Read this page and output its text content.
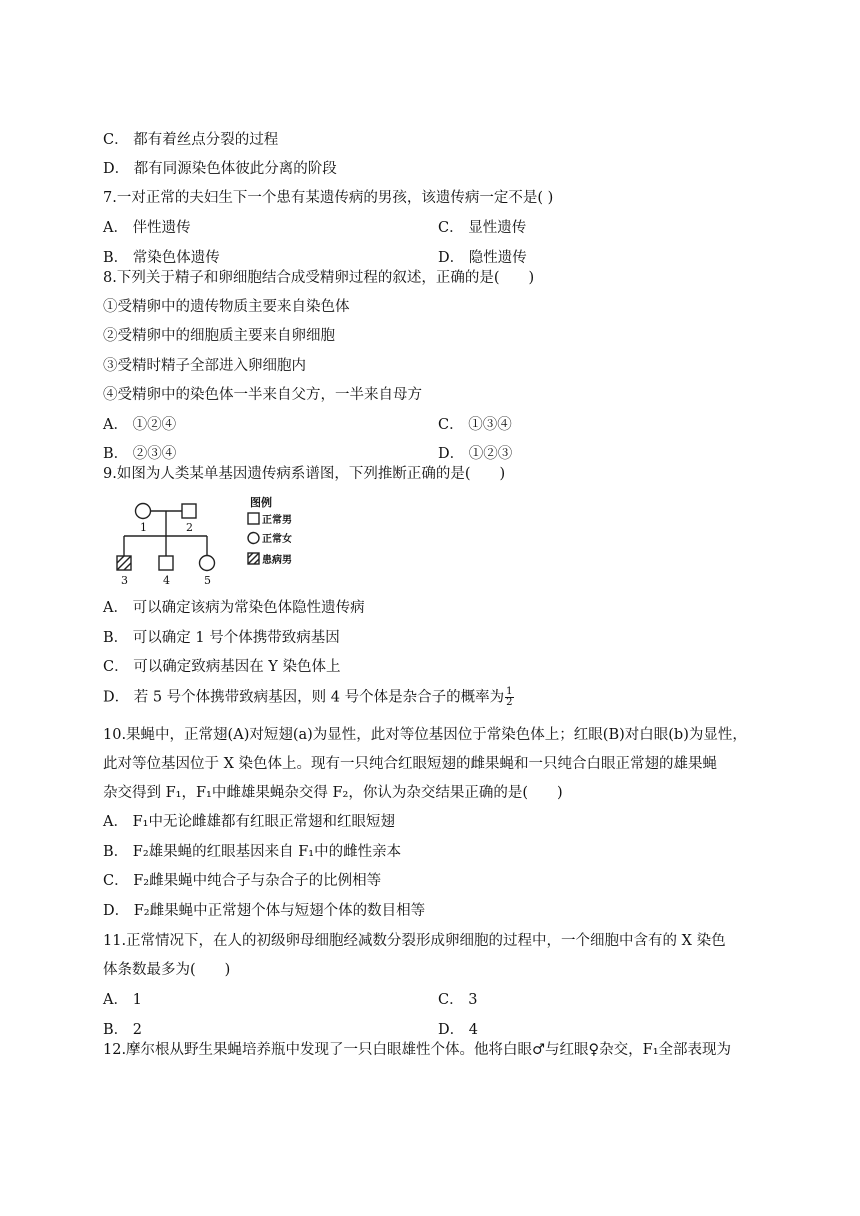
C． 都有着丝点分裂的过程
D． 都有同源染色体彼此分离的阶段
7.一对正常的夫妇生下一个患有某遗传病的男孩，该遗传病一定不是( )
A． 伴性遗传	C． 显性遗传
B． 常染色体遗传	D． 隐性遗传
8.下列关于精子和卵细胞结合成受精卵过程的叙述，正确的是(　　)
①受精卵中的遗传物质主要来自染色体
②受精卵中的细胞质主要来自卵细胞
③受精时精子全部进入卵细胞内
④受精卵中的染色体一半来自父方，一半来自母方
A． ①②④	C． ①③④
B． ②③④	D． ①②③
9.如图为人类某单基因遗传病系谱图，下列推断正确的是(　　)
1	2
3	4	5
图例
正常男
正常女
患病男
A． 可以确定该病为常染色体隐性遗传病
B． 可以确定 1 号个体携带致病基因
C． 可以确定致病基因在 Y 染色体上
D． 若 5 号个体携带致病基因，则 4 号个体是杂合子的概率为 $\frac{1}{2}$
10.果蝇中，正常翅(A)对短翅(a)为显性，此对等位基因位于常染色体上；红眼(B)对白眼(b)为显性，
此对等位基因位于 X 染色体上。现有一只纯合红眼短翅的雌果蝇和一只纯合白眼正常翅的雄果蝇
杂交得到 F₁，F₁中雌雄果蝇杂交得 F₂，你认为杂交结果正确的是(　　)
A． F₁中无论雌雄都有红眼正常翅和红眼短翅
B． F₂雄果蝇的红眼基因来自 F₁中的雌性亲本
C． F₂雌果蝇中纯合子与杂合子的比例相等
D． F₂雌果蝇中正常翅个体与短翅个体的数目相等
11.正常情况下，在人的初级卵母细胞经减数分裂形成卵细胞的过程中，一个细胞中含有的 X 染色
体条数最多为(　　)
A． 1	C． 3
B． 2	D． 4
12.摩尔根从野生果蝇培养瓶中发现了一只白眼雄性个体。他将白眼♂与红眼♀杂交，F₁全部表现为
